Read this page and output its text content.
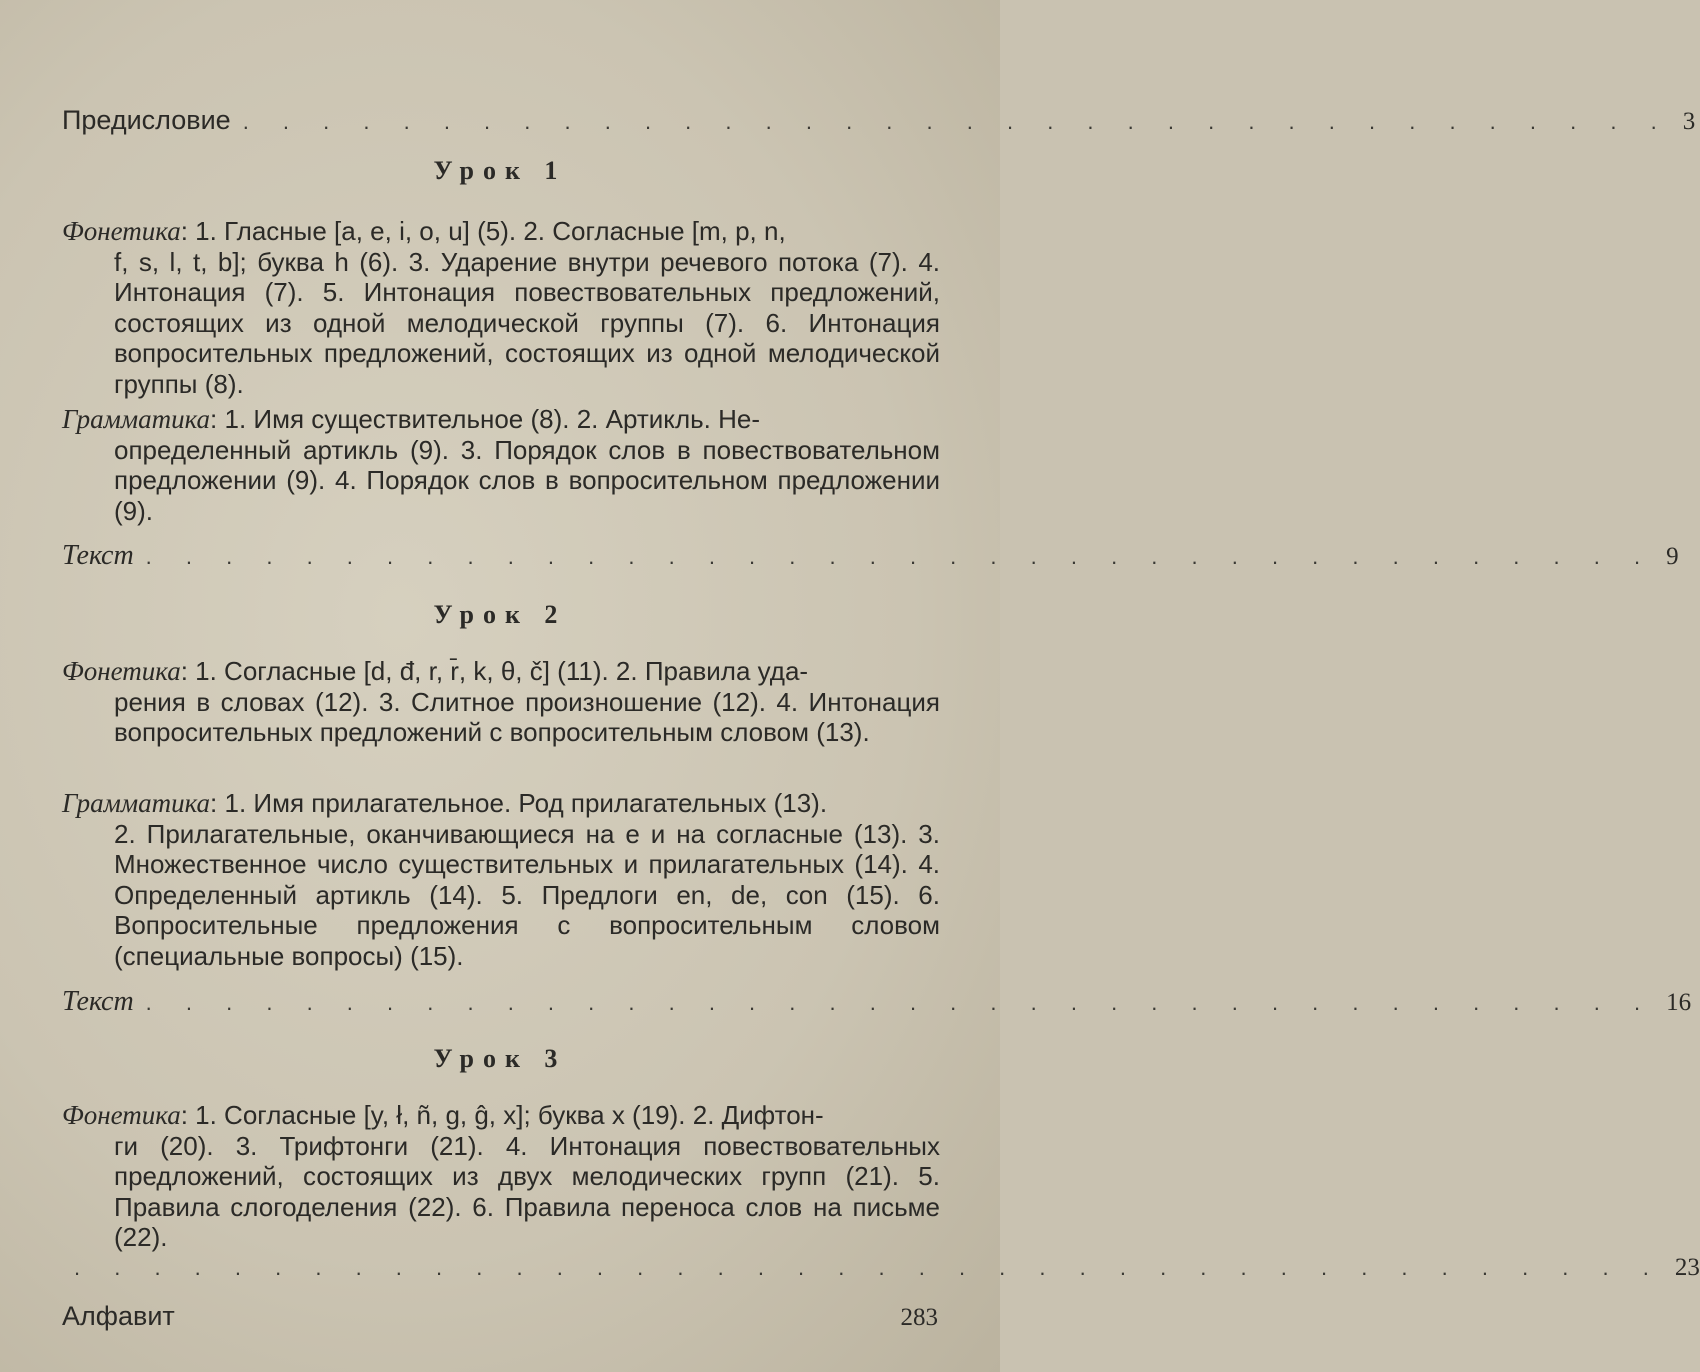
Предисловие . . . . . . . . . . . . . . . . . . . . . . . . . . . . . . . . . . . . 3
Урок 1

Фонетика: 1. Гласные [a, e, i, o, u] (5). 2. Согласные [m, p, n,
f, s, l, t, b]; буква h (6). 3. Ударение внутри речевого потока (7). 4. Интонация (7). 5. Интонация повествовательных предложений, состоящих из одной мелодической группы (7). 6. Интонация вопросительных предложений, состоящих из одной мелодической группы (8).

Грамматика: 1. Имя существительное (8). 2. Артикль. Не-
определенный артикль (9). 3. Порядок слов в повествовательном предложении (9). 4. Порядок слов в вопросительном предложении (9).

Текст . . . . . . . . . . . . . . . . . . . . . . . . . . . . . . . . . . . . . . 9
Урок 2

Фонетика: 1. Согласные [d, đ, r, r̄, k, θ, č] (11). 2. Правила уда-
рения в словах (12). 3. Слитное произношение (12). 4. Интонация вопросительных предложений с вопросительным словом (13).

Грамматика: 1. Имя прилагательное. Род прилагательных (13).
2. Прилагательные, оканчивающиеся на e и на согласные (13). 3. Множественное число существительных и прилагательных (14). 4. Определенный артикль (14). 5. Предлоги en, de, con (15). 6. Вопросительные предложения с вопросительным словом (специальные вопросы) (15).

Текст . . . . . . . . . . . . . . . . . . . . . . . . . . . . . . . . . . . . . . 16
Урок 3

Фонетика: 1. Согласные [y, ł, ñ, g, ĝ, x]; буква x (19). 2. Дифтон-
ги (20). 3. Трифтонги (21). 4. Интонация повествовательных предложений, состоящих из двух мелодических групп (21). 5. Правила слогоделения (22). 6. Правила переноса слов на письме (22).

. . . . . . . . . . . . . . . . . . . . . . . . . . . . . . . . . . . . . . . . 23
Алфавит	283
